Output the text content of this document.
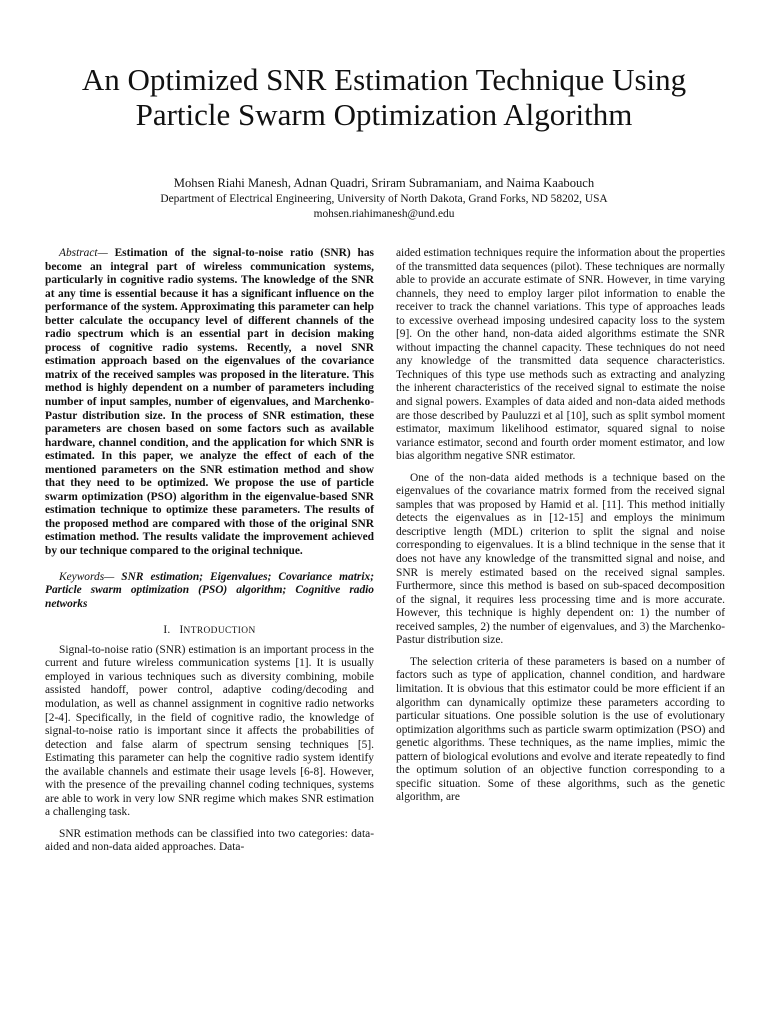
An Optimized SNR Estimation Technique Using
Particle Swarm Optimization Algorithm
Mohsen Riahi Manesh, Adnan Quadri, Sriram Subramaniam, and Naima Kaabouch
Department of Electrical Engineering, University of North Dakota, Grand Forks, ND 58202, USA
mohsen.riahimanesh@und.edu

Abstract— Estimation of the signal-to-noise ratio (SNR) has become an integral part of wireless communication systems, particularly in cognitive radio systems. The knowledge of the SNR at any time is essential because it has a significant influence on the performance of the system. Approximating this parameter can help better calculate the occupancy level of different channels of the radio spectrum which is an essential part in decision making process of cognitive radio systems. Recently, a novel SNR estimation approach based on the eigenvalues of the covariance matrix of the received samples was proposed in the literature. This method is highly dependent on a number of parameters including number of input samples, number of eigenvalues, and Marchenko-Pastur distribution size. In the process of SNR estimation, these parameters are chosen based on some factors such as available hardware, channel condition, and the application for which SNR is estimated. In this paper, we analyze the effect of each of the mentioned parameters on the SNR estimation method and show that they need to be optimized. We propose the use of particle swarm optimization (PSO) algorithm in the eigenvalue-based SNR estimation technique to optimize these parameters. The results of the proposed method are compared with those of the original SNR estimation method. The results validate the improvement achieved by our technique compared to the original technique.

Keywords— SNR estimation; Eigenvalues; Covariance matrix; Particle swarm optimization (PSO) algorithm; Cognitive radio networks

I. INTRODUCTION

Signal-to-noise ratio (SNR) estimation is an important process in the current and future wireless communication systems [1]. It is usually employed in various techniques such as diversity combining, mobile assisted handoff, power control, adaptive coding/decoding and modulation, as well as channel assignment in cognitive radio networks [2-4]. Specifically, in the field of cognitive radio, the knowledge of signal-to-noise ratio is important since it affects the probabilities of detection and false alarm of spectrum sensing techniques [5]. Estimating this parameter can help the cognitive radio system identify the available channels and estimate their usage levels [6-8]. However, with the presence of the prevailing channel coding techniques, systems are able to work in very low SNR regime which makes SNR estimation a challenging task.

SNR estimation methods can be classified into two categories: data-aided and non-data aided approaches. Data-

aided estimation techniques require the information about the properties of the transmitted data sequences (pilot). These techniques are normally able to provide an accurate estimate of SNR. However, in time varying channels, they need to employ larger pilot information to enable the receiver to track the channel variations. This type of approaches leads to excessive overhead imposing undesired capacity loss to the system [9]. On the other hand, non-data aided algorithms estimate the SNR without impacting the channel capacity. These techniques do not need any knowledge of the transmitted data sequence characteristics. Techniques of this type use methods such as extracting and analyzing the inherent characteristics of the received signal to estimate the noise and signal powers. Examples of data aided and non-data aided methods are those described by Pauluzzi et al [10], such as split symbol moment estimator, maximum likelihood estimator, squared signal to noise variance estimator, second and fourth order moment estimator, and low bias algorithm negative SNR estimator.

One of the non-data aided methods is a technique based on the eigenvalues of the covariance matrix formed from the received signal samples that was proposed by Hamid et al. [11]. This method initially detects the eigenvalues as in [12-15] and employs the minimum descriptive length (MDL) criterion to split the signal and noise corresponding to eigenvalues. It is a blind technique in the sense that it does not have any knowledge of the transmitted signal and noise, and SNR is merely estimated based on the received signal samples. Furthermore, since this method is based on sub-spaced decomposition of the signal, it requires less processing time and is more accurate. However, this technique is highly dependent on: 1) the number of received samples, 2) the number of eigenvalues, and 3) the Marchenko-Pastur distribution size.

The selection criteria of these parameters is based on a number of factors such as type of application, channel condition, and hardware limitation. It is obvious that this estimator could be more efficient if an algorithm can dynamically optimize these parameters according to particular situations. One possible solution is the use of evolutionary optimization algorithms such as particle swarm optimization (PSO) and genetic algorithms. These techniques, as the name implies, mimic the pattern of biological evolutions and evolve and iterate repeatedly to find the optimum solution of an objective function corresponding to a specific situation. Some of these algorithms, such as the genetic algorithm, are
